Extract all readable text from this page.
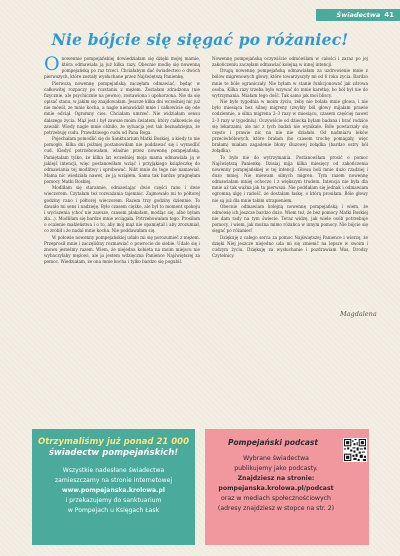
Świadectwa 41
Nie bójcie się sięgać po różaniec!

Onowennie pompejańskiej dowiedziałam się dzięki mojej mamie, która odmawiała ją już kilka razy. Obecnie modlę się nowenną pompejańską po raz trzeci. Chciałabym dać świadectwo o dwóch pierwszych, które zostały wysłuchane przez Najświętszą Panienkę.

Pierwszą nowennę pompejańską zaczęłam odmawiać, będąc w całkowitej rozpaczy po rozstaniu z mężem. Zostałam zdradzona (nie fizycznie, ale psychicznie na pewno), zostawiona i upokorzona. Nie da się opisać stanu, w jakim się znajdowałam. Jeszcze kilka dni wcześniej nic już nie mówił, ze mnie kocha, a nagle nienawidził mnie i całkowicie się ode mnie odciął. Ogromny cios. Chciałam umrzeć. Nie widziałam sensu dalszego życia. Mąż jest i był zawsze moim światem, który całkowicie się zawalił. Wiedy nagle mnie olśniło, że sytuacja jest tak beznadziejna, że potrzebuję cudu. Prawdziwego cudu od Pana Boga.

Pojechałam pomodlić się do Sanktuarium Matki Boskiej, a kiedy to nie pomogło, kilka dni później postanowiłam nie poddawać się i wymodlić cud. Kiedyś potrzebowałam, właśnie przez nowennę pompejańską. Pamiętałam tylko, że kilka lat wcześniej moja mama odmawiała ją w jakiejś intencji, więc postanowiłam wziąć i przyjąkiego książeczkę do odmawiania tej modlitwy i sprobować. Nikt mnie do tego nie namawiał. Mama nic wiedziała nawet, że ją wziąłem. Sama tak bardzo pragnęłam pomocy Matki Boskiej.

Modliłam się starannie, odmawiając dwie części rano i dwie wieczorem. Czytałam też rozważania tajemnic. Zajmowało mi to półtorej godziny rano i półtorej wieczorem. Razem trzy godziny dziennie. To dawało mi sens i nadzieję. Było czasem ciężko, ale był to moment spokoju i wyciszenia (choć nie zawsze, czasem płakałam, modląc się, albo byłam zła...). Modliłam się bardzo mnie wciągała. Potrzebowałam tego. Prosiłam o ocalenie małżeństwa i o to, aby mój mąż nie opamiętał i aby zrozumiał, co zrobił i że nadal mnie kocha. Nie poddawałam się.

W połowie nowenny pompejańskiej udało mi się porozumieć z mężem. Przeprosił mnie i zaczęliśmy rozmawiać o powrocie do siebie. Udało się i znowu jesteśmy razem. Wiem, że niejedna kobieta na moim miejscu nie wybaczyłaby mężowi, ale ja jestem wdzięczna Panience Najświętszej za pomoc. Wiedziałam, że ona mnie kocha i tylko bardzo się pogubił.

Nowennę pompejańską oczywiście odmówiłam w całości i zaraz po jej zakończeniu zaczęłam odmawiać kolejną w innej intencji.

Drugą nowennę pompejańską odmawiałam za uzdrowienie mnie z bólów migrenowych głowy, które towarzyszyły mi od 6 roku życia. Bardzo mnie te bóle ograniczały. Nie byłam w stanie funkcjonować jak zdrowa osoba. Kilka razy trzeba było wzywać do mnie karetkę, bo ból był nie do wytrzymania. Miałam tego dość. Tak samo jak moi bliscy.

Nie było tygodnia w moim życiu, żeby nie bolała mnie głowa, i nie było miesiąca bez silnej migreny (zwykły ból głowy mijałam prawie codziennie, a silna migrena 2–3 razy w miesiącu, czasem częściej nawet 2–3 razy w tygodniu). Oczywiście od dziecka byłam badana i brać rodzice się lekarzami, ale nic z tych badań nie wynikało. Bóle powtarzały się często i prawie nic na nie nie działało. Od nadmiaru leków przeciwbólowych, które brałam (bo czasem trochę pomagały, więc brałam) miałam zagadenie błony śluzowej żołądka (bardzo ostry ból żołądka).

To było nie do wytrzymania. Postanowiłam prosić o pomoc Najświętszą Panienkę. Dzisiaj mija kilka miesięcy od zakończenia nowenny pompejańskiej w tej intencji. Głowa boli mnie dużo rzadziej i dużo mniej. Nie miewam silnych migren. Tym razem nowennę odmawiałam mniej ochoczo i z większym trudem. Intencja nie była dla mnie aż tak ważna jak ta pierwsza. Nie poddałam się jednak i odmawiam ogromną ulgę i radość, że dostałam łaskę, o którą prosiłam. Bóle głowy nie są już dla mnie takim utrapieniem.

Obecnie odmawiam kolejną nowennę pompejańską i wiem, że odmówię ich jeszcze bardzo dużo. Wiem też, że bez pomocy Matki Boskiej nie dam rady na tym świecie. Teraz widzę, jak wiele osób potrzebuje pomocy, i wiem, jak można mimo różańca w innym pomocy. Nie bójcie się sięgać po różaniec!

Dziękuję z całego serca za pomoc Najświętszej Panience i wierzę, że dzięki Niej jeszcze niejedno uda mi się zmienić na lepsze w swoim i cudzym życiu. Dziękuję za wysłuchanie i pozdrawiam Was, Drodzy Czytelnicy.

Magdalena
Otrzymaliśmy już ponad 21 000
świadectw pompejańskich!
Wszystkie nadesłane świadectwa
zamieszczamy na stronie internetowej
www.pompejanska.krolowa.pl
i przekazujemy do sanktuarium
w Pompejach u Księgach Łask
Pompejański podcast
Wybrane świadectwa
publikujemy jako podcasty.
Znajdziesz na stronie:
pompejanska.krolowa.pl/podcast
oraz w mediach społecznościowych
(adresy znajdziesz w stopce na str. 2)
